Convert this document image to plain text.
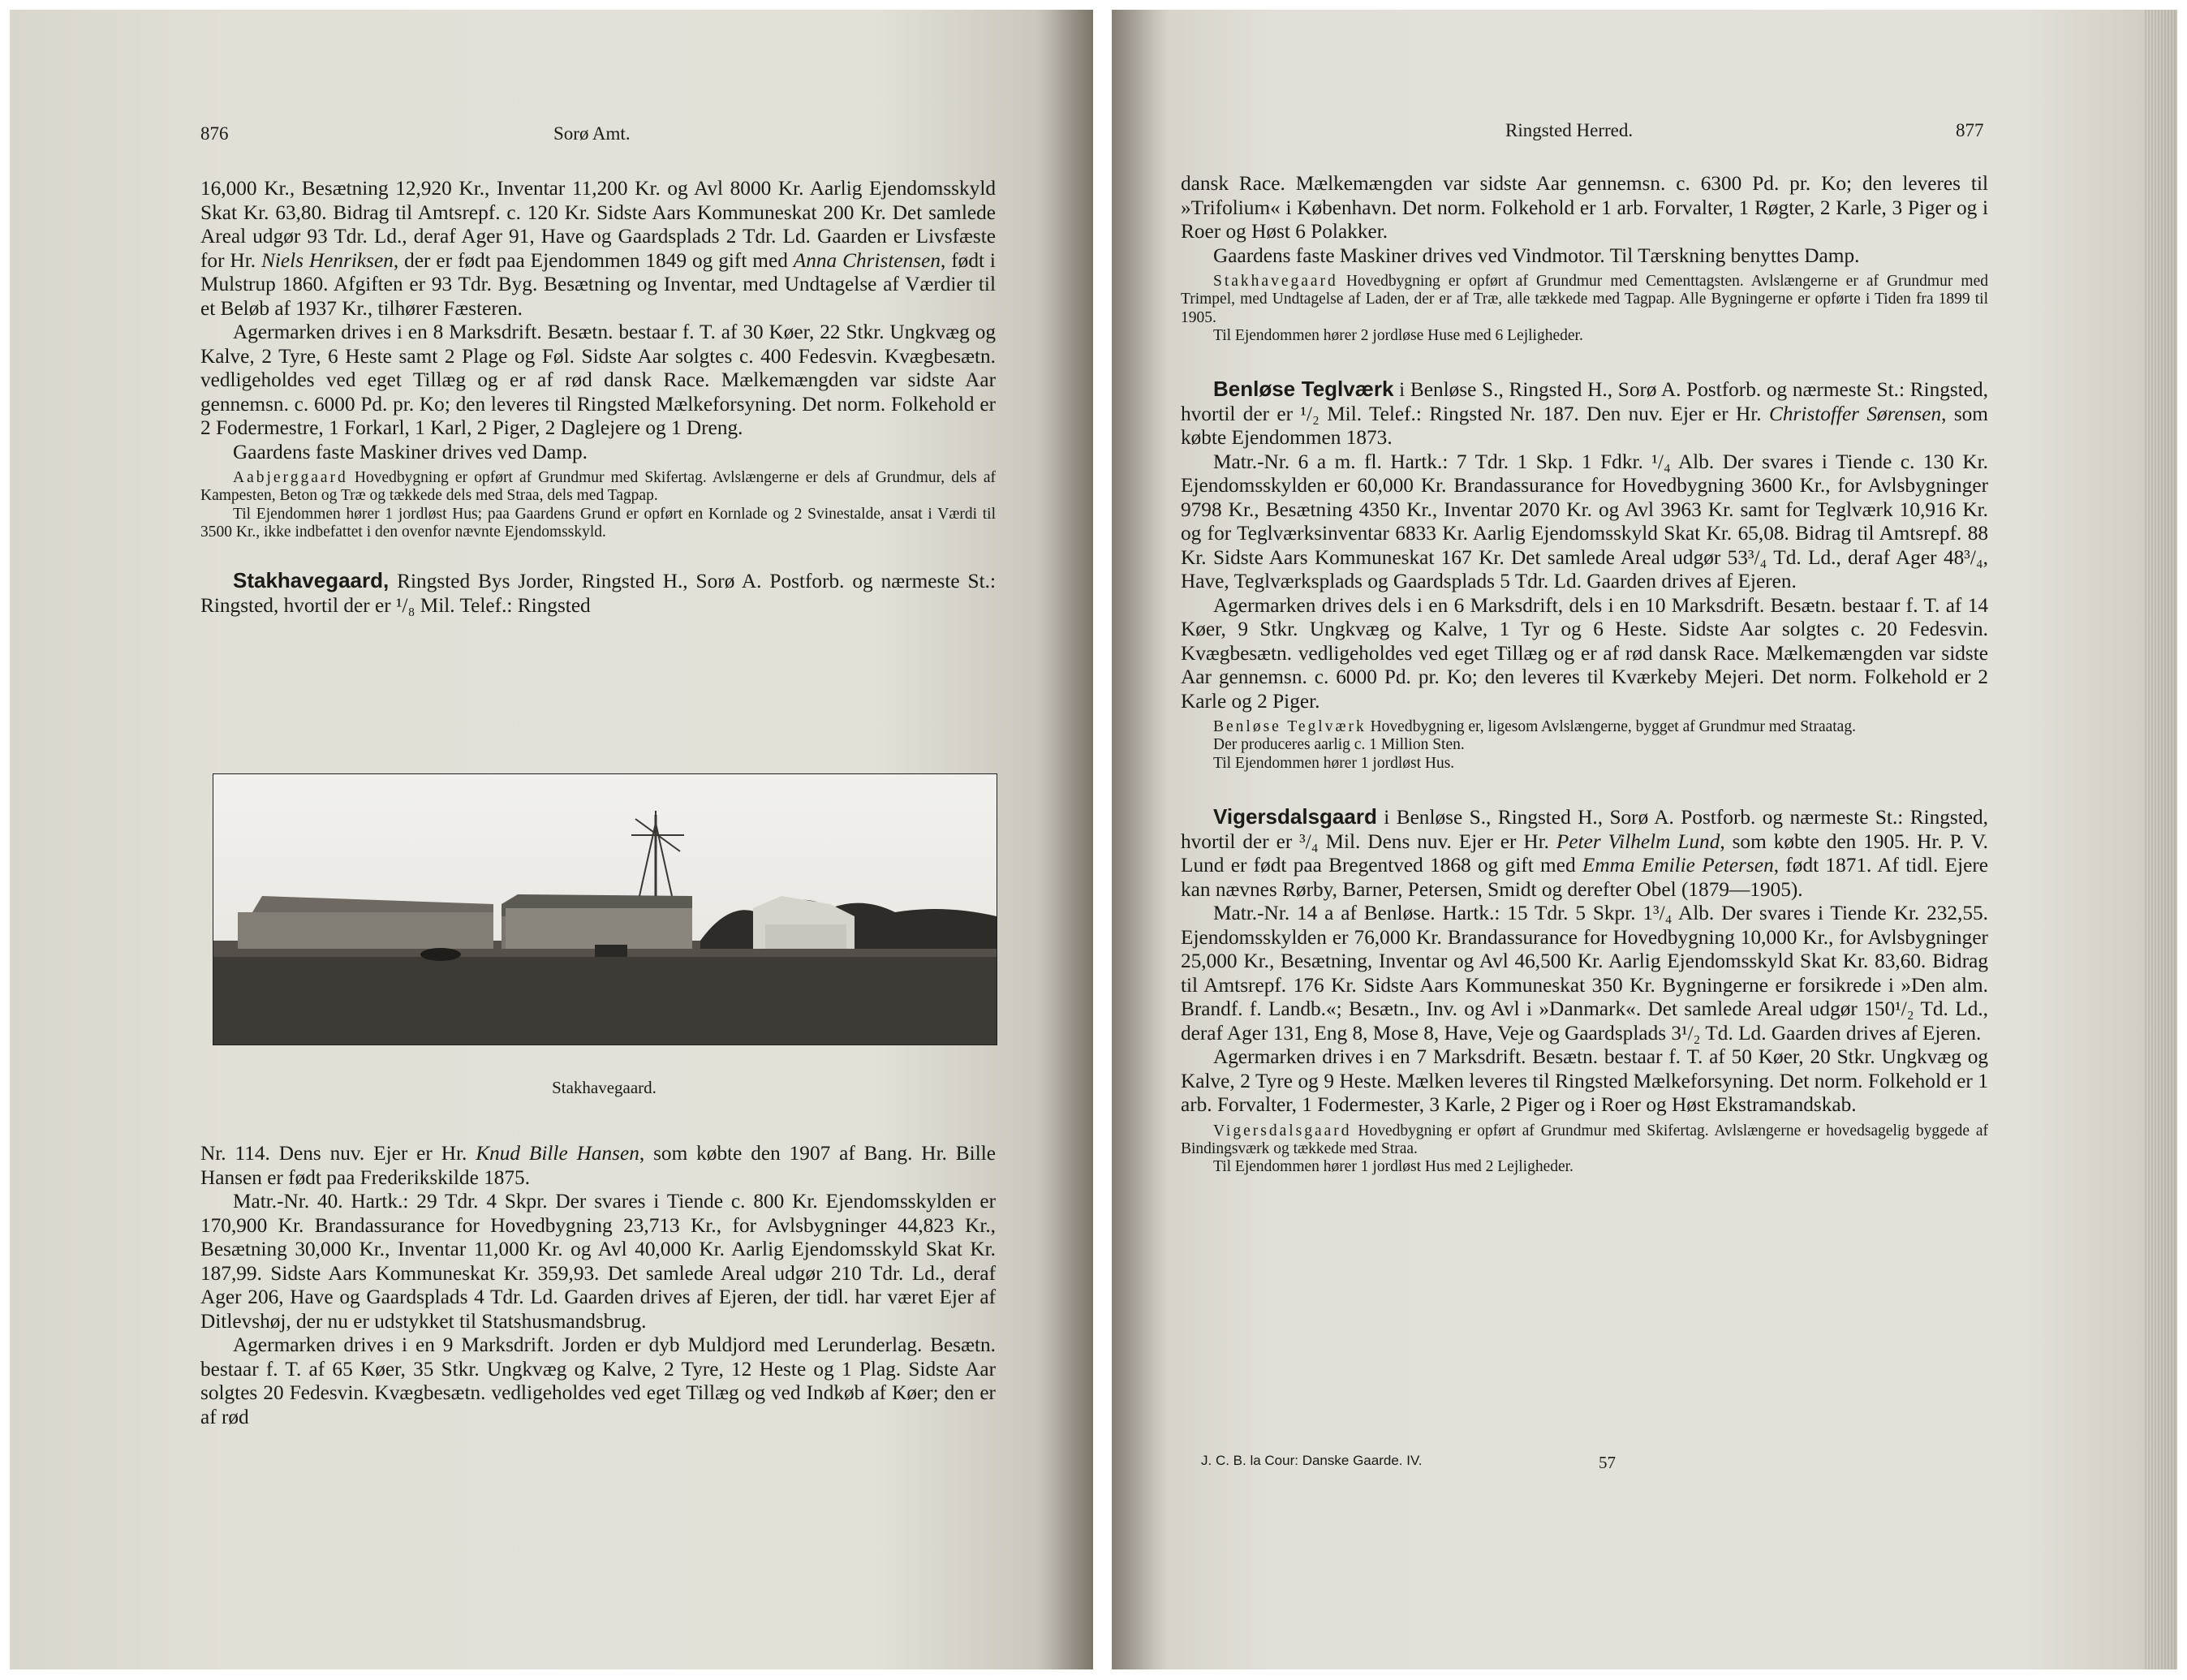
876	Sorø Amt.

16,000 Kr., Besætning 12,920 Kr., Inventar 11,200 Kr. og Avl 8000 Kr. Aarlig Ejendomsskyld Skat Kr. 63,80. Bidrag til Amtsrepf. c. 120 Kr. Sidste Aars Kommuneskat 200 Kr. Det samlede Areal udgør 93 Tdr. Ld., deraf Ager 91, Have og Gaardsplads 2 Tdr. Ld. Gaarden er Livsfæste for Hr. Niels Henriksen, der er født paa Ejendommen 1849 og gift med Anna Christensen, født i Mulstrup 1860. Afgiften er 93 Tdr. Byg. Besætning og Inventar, med Undtagelse af Værdier til et Beløb af 1937 Kr., tilhører Fæsteren.

Agermarken drives i en 8 Marksdrift. Besætn. bestaar f. T. af 30 Køer, 22 Stkr. Ungkvæg og Kalve, 2 Tyre, 6 Heste samt 2 Plage og Føl. Sidste Aar solgtes c. 400 Fedesvin. Kvægbesætn. vedligeholdes ved eget Tillæg og er af rød dansk Race. Mælkemængden var sidste Aar gennemsn. c. 6000 Pd. pr. Ko; den leveres til Ringsted Mælkeforsyning. Det norm. Folkehold er 2 Fodermestre, 1 Forkarl, 1 Karl, 2 Piger, 2 Daglejere og 1 Dreng.

Gaardens faste Maskiner drives ved Damp.

Aabjerggaard Hovedbygning er opført af Grundmur med Skifertag. Avlslængerne er dels af Grundmur, dels af Kampesten, Beton og Træ og tækkede dels med Straa, dels med Tagpap.

Til Ejendommen hører 1 jordløst Hus; paa Gaardens Grund er opført en Kornlade og 2 Svinestalde, ansat i Værdi til 3500 Kr., ikke indbefattet i den ovenfor nævnte Ejendomsskyld.

Stakhavegaard, Ringsted Bys Jorder, Ringsted H., Sorø A. Postforb. og nærmeste St.: Ringsted, hvortil der er ¹/₈ Mil. Telef.: Ringsted

Stakhavegaard.

Nr. 114. Dens nuv. Ejer er Hr. Knud Bille Hansen, som købte den 1907 af Bang. Hr. Bille Hansen er født paa Frederikskilde 1875.

Matr.-Nr. 40. Hartk.: 29 Tdr. 4 Skpr. Der svares i Tiende c. 800 Kr. Ejendomsskylden er 170,900 Kr. Brandassurance for Hovedbygning 23,713 Kr., for Avlsbygninger 44,823 Kr., Besætning 30,000 Kr., Inventar 11,000 Kr. og Avl 40,000 Kr. Aarlig Ejendomsskyld Skat Kr. 187,99. Sidste Aars Kommuneskat Kr. 359,93. Det samlede Areal udgør 210 Tdr. Ld., deraf Ager 206, Have og Gaardsplads 4 Tdr. Ld. Gaarden drives af Ejeren, der tidl. har været Ejer af Ditlevshøj, der nu er udstykket til Statshusmandsbrug.

Agermarken drives i en 9 Marksdrift. Jorden er dyb Muldjord med Lerunderlag. Besætn. bestaar f. T. af 65 Køer, 35 Stkr. Ungkvæg og Kalve, 2 Tyre, 12 Heste og 1 Plag. Sidste Aar solgtes 20 Fedesvin. Kvægbesætn. vedligeholdes ved eget Tillæg og ved Indkøb af Køer; den er af rød

Ringsted Herred.	877

dansk Race. Mælkemængden var sidste Aar gennemsn. c. 6300 Pd. pr. Ko; den leveres til »Trifolium« i København. Det norm. Folkehold er 1 arb. Forvalter, 1 Røgter, 2 Karle, 3 Piger og i Roer og Høst 6 Polakker.

Gaardens faste Maskiner drives ved Vindmotor. Til Tærskning benyttes Damp.

Stakhavegaard Hovedbygning er opført af Grundmur med Cementtagsten. Avlslængerne er af Grundmur med Trimpel, med Undtagelse af Laden, der er af Træ, alle tækkede med Tagpap. Alle Bygningerne er opførte i Tiden fra 1899 til 1905.

Til Ejendommen hører 2 jordløse Huse med 6 Lejligheder.

Benløse Teglværk i Benløse S., Ringsted H., Sorø A. Postforb. og nærmeste St.: Ringsted, hvortil der er ¹/₂ Mil. Telef.: Ringsted Nr. 187. Den nuv. Ejer er Hr. Christoffer Sørensen, som købte Ejendommen 1873.

Matr.-Nr. 6 a m. fl. Hartk.: 7 Tdr. 1 Skp. 1 Fdkr. ¹/₄ Alb. Der svares i Tiende c. 130 Kr. Ejendomsskylden er 60,000 Kr. Brandassurance for Hovedbygning 3600 Kr., for Avlsbygninger 9798 Kr., Besætning 4350 Kr., Inventar 2070 Kr. og Avl 3963 Kr. samt for Teglværk 10,916 Kr. og for Teglværksinventar 6833 Kr. Aarlig Ejendomsskyld Skat Kr. 65,08. Bidrag til Amtsrepf. 88 Kr. Sidste Aars Kommuneskat 167 Kr. Det samlede Areal udgør 53³/₄ Td. Ld., deraf Ager 48³/₄, Have, Teglværksplads og Gaardsplads 5 Tdr. Ld. Gaarden drives af Ejeren.

Agermarken drives dels i en 6 Marksdrift, dels i en 10 Marksdrift. Besætn. bestaar f. T. af 14 Køer, 9 Stkr. Ungkvæg og Kalve, 1 Tyr og 6 Heste. Sidste Aar solgtes c. 20 Fedesvin. Kvægbesætn. vedligeholdes ved eget Tillæg og er af rød dansk Race. Mælkemængden var sidste Aar gennemsn. c. 6000 Pd. pr. Ko; den leveres til Kværkeby Mejeri. Det norm. Folkehold er 2 Karle og 2 Piger.

Benløse Teglværk Hovedbygning er, ligesom Avlslængerne, bygget af Grundmur med Straatag.

Der produceres aarlig c. 1 Million Sten.

Til Ejendommen hører 1 jordløst Hus.

Vigersdalsgaard i Benløse S., Ringsted H., Sorø A. Postforb. og nærmeste St.: Ringsted, hvortil der er ³/₄ Mil. Dens nuv. Ejer er Hr. Peter Vilhelm Lund, som købte den 1905. Hr. P. V. Lund er født paa Bregentved 1868 og gift med Emma Emilie Petersen, født 1871. Af tidl. Ejere kan nævnes Rørby, Barner, Petersen, Smidt og derefter Obel (1879—1905).

Matr.-Nr. 14 a af Benløse. Hartk.: 15 Tdr. 5 Skpr. 1³/₄ Alb. Der svares i Tiende Kr. 232,55. Ejendomsskylden er 76,000 Kr. Brandassurance for Hovedbygning 10,000 Kr., for Avlsbygninger 25,000 Kr., Besætning, Inventar og Avl 46,500 Kr. Aarlig Ejendomsskyld Skat Kr. 83,60. Bidrag til Amtsrepf. 176 Kr. Sidste Aars Kommuneskat 350 Kr. Bygningerne er forsikrede i »Den alm. Brandf. f. Landb.«; Besætn., Inv. og Avl i »Danmark«. Det samlede Areal udgør 150¹/₂ Td. Ld., deraf Ager 131, Eng 8, Mose 8, Have, Veje og Gaardsplads 3¹/₂ Td. Ld. Gaarden drives af Ejeren.

Agermarken drives i en 7 Marksdrift. Besætn. bestaar f. T. af 50 Køer, 20 Stkr. Ungkvæg og Kalve, 2 Tyre og 9 Heste. Mælken leveres til Ringsted Mælkeforsyning. Det norm. Folkehold er 1 arb. Forvalter, 1 Fodermester, 3 Karle, 2 Piger og i Roer og Høst Ekstramandskab.

Vigersdalsgaard Hovedbygning er opført af Grundmur med Skifertag. Avlslængerne er hovedsagelig byggede af Bindingsværk og tækkede med Straa.

Til Ejendommen hører 1 jordløst Hus med 2 Lejligheder.

J. C. B. la Cour: Danske Gaarde. IV.	57
